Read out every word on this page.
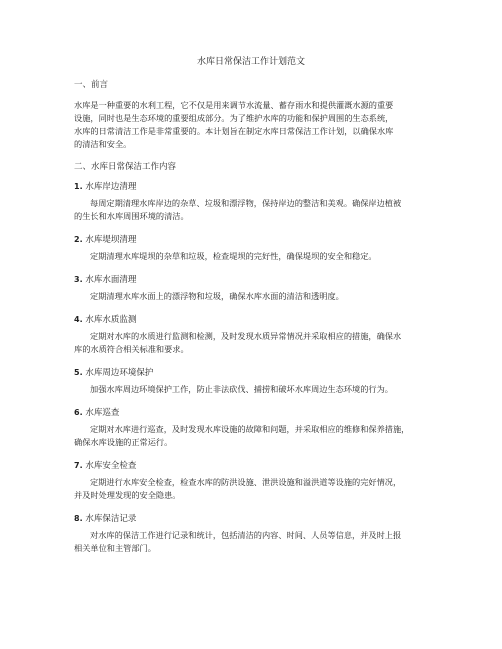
水库日常保洁工作计划范文
一、前言
水库是一种重要的水利工程，它不仅是用来调节水流量、蓄存雨水和提供灌溉水源的重要
设施，同时也是生态环境的重要组成部分。为了维护水库的功能和保护周围的生态系统，
水库的日常清洁工作是非常重要的。本计划旨在制定水库日常保洁工作计划，以确保水库
的清洁和安全。
二、水库日常保洁工作内容
1. 水库岸边清理
每周定期清理水库岸边的杂草、垃圾和漂浮物，保持岸边的整洁和美观。确保岸边植被
的生长和水库周围环境的清洁。
2. 水库堤坝清理
定期清理水库堤坝的杂草和垃圾，检查堤坝的完好性，确保堤坝的安全和稳定。
3. 水库水面清理
定期清理水库水面上的漂浮物和垃圾，确保水库水面的清洁和透明度。
4. 水库水质监测
定期对水库的水质进行监测和检测，及时发现水质异常情况并采取相应的措施，确保水
库的水质符合相关标准和要求。
5. 水库周边环境保护
加强水库周边环境保护工作，防止非法砍伐、捕捞和破坏水库周边生态环境的行为。
6. 水库巡查
定期对水库进行巡查，及时发现水库设施的故障和问题，并采取相应的维修和保养措施，
确保水库设施的正常运行。
7. 水库安全检查
定期进行水库安全检查，检查水库的防洪设施、泄洪设施和溢洪道等设施的完好情况，
并及时处理发现的安全隐患。
8. 水库保洁记录
对水库的保洁工作进行记录和统计，包括清洁的内容、时间、人员等信息，并及时上报
相关单位和主管部门。
